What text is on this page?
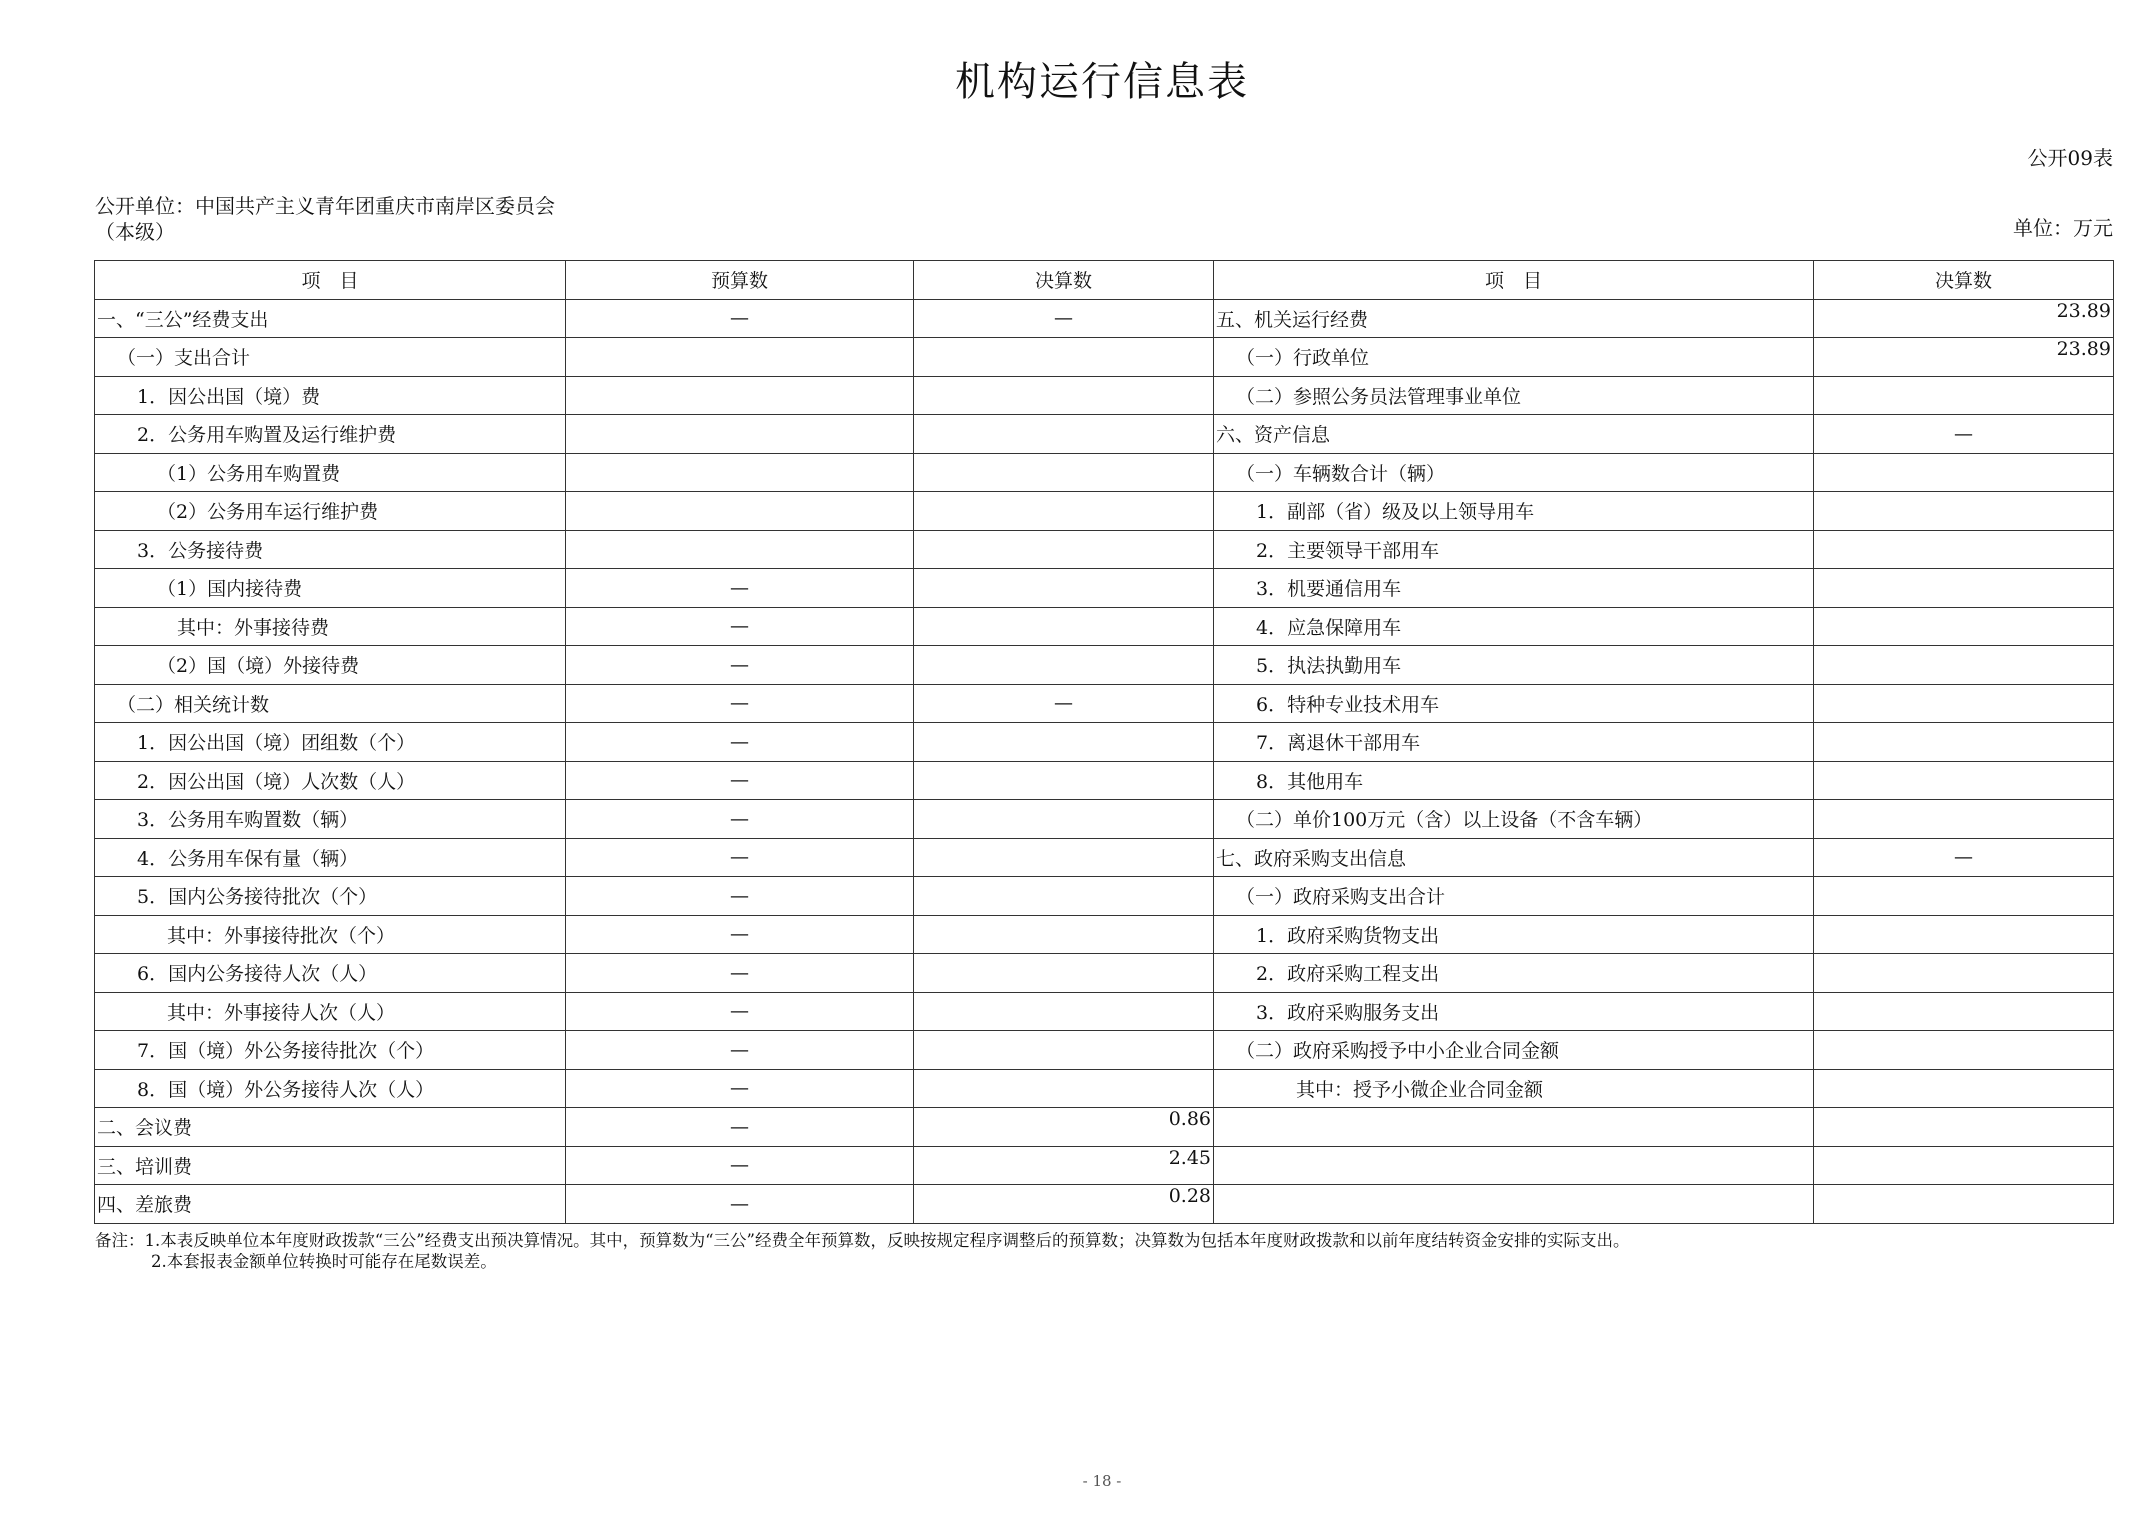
机构运行信息表
公开09表
公开单位：中国共产主义青年团重庆市南岸区委员会（本级）	单位：万元
项　目	预算数	决算数	项　目	决算数
一、“三公”经费支出	—	—	五、机关运行经费	23.89
（一）支出合计			（一）行政单位	23.89
1．因公出国（境）费			（二）参照公务员法管理事业单位	
2．公务用车购置及运行维护费			六、资产信息	—
（1）公务用车购置费			（一）车辆数合计（辆）	
（2）公务用车运行维护费			1．副部（省）级及以上领导用车	
3．公务接待费			2．主要领导干部用车	
（1）国内接待费	—		3．机要通信用车	
其中：外事接待费	—		4．应急保障用车	
（2）国（境）外接待费	—		5．执法执勤用车	
（二）相关统计数	—	—	6．特种专业技术用车	
1．因公出国（境）团组数（个）	—		7．离退休干部用车	
2．因公出国（境）人次数（人）	—		8．其他用车	
3．公务用车购置数（辆）	—		（二）单价100万元（含）以上设备（不含车辆）	
4．公务用车保有量（辆）	—		七、政府采购支出信息	—
5．国内公务接待批次（个）	—		（一）政府采购支出合计	
其中：外事接待批次（个）	—		1．政府采购货物支出	
6．国内公务接待人次（人）	—		2．政府采购工程支出	
其中：外事接待人次（人）	—		3．政府采购服务支出	
7．国（境）外公务接待批次（个）	—		（二）政府采购授予中小企业合同金额	
8．国（境）外公务接待人次（人）	—		其中：授予小微企业合同金额	
二、会议费	—	0.86		
三、培训费	—	2.45		
四、差旅费	—	0.28		
备注：1.本表反映单位本年度财政拨款“三公”经费支出预决算情况。其中，预算数为“三公”经费全年预算数，反映按规定程序调整后的预算数；决算数为包括本年度财政拨款和以前年度结转资金安排的实际支出。
2.本套报表金额单位转换时可能存在尾数误差。
- 18 -
